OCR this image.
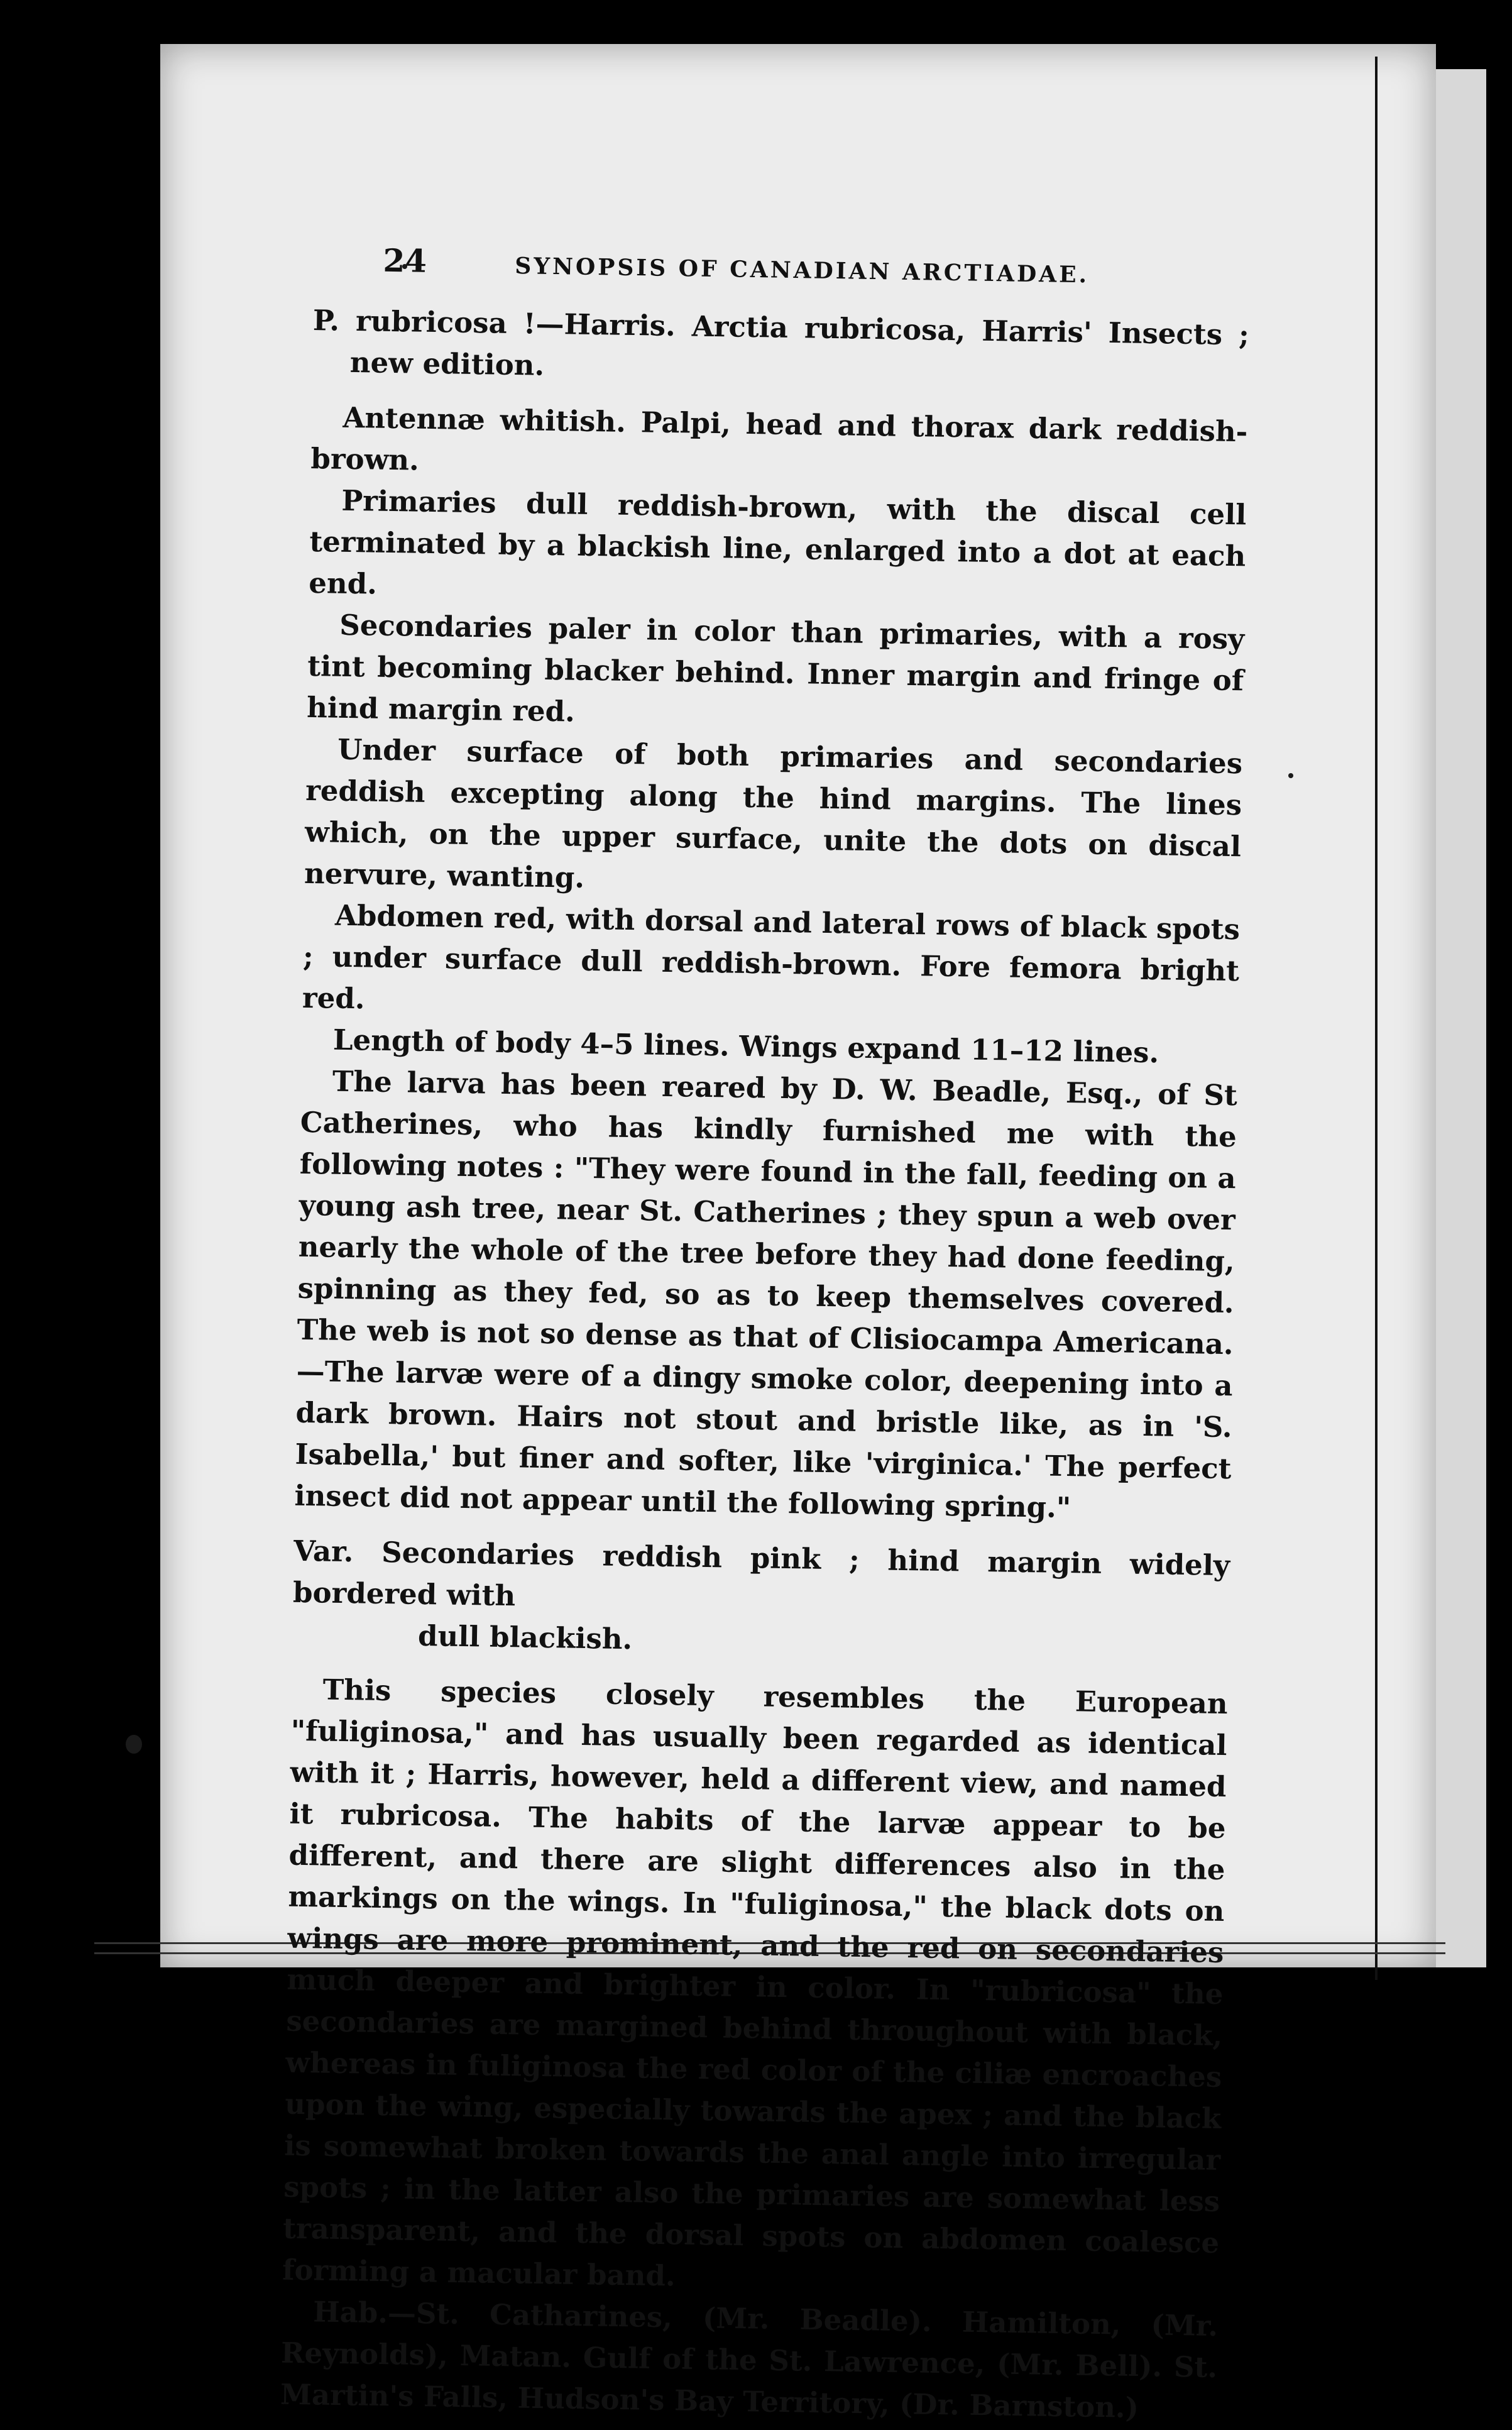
24	SYNOPSIS OF CANADIAN ARCTIADAE.

P. rubricosa !—Harris. Arctia rubricosa, Harris' Insects ; new edition.

Antennæ whitish. Palpi, head and thorax dark reddish-brown.

Primaries dull reddish-brown, with the discal cell terminated by a blackish line, enlarged into a dot at each end.

Secondaries paler in color than primaries, with a rosy tint becoming blacker behind. Inner margin and fringe of hind margin red.

Under surface of both primaries and secondaries reddish excepting along the hind margins. The lines which, on the upper surface, unite the dots on discal nervure, wanting.

Abdomen red, with dorsal and lateral rows of black spots ; under surface dull reddish-brown. Fore femora bright red.

Length of body 4–5 lines. Wings expand 11–12 lines.

The larva has been reared by D. W. Beadle, Esq., of St Catherines, who has kindly furnished me with the following notes : "They were found in the fall, feeding on a young ash tree, near St. Catherines ; they spun a web over nearly the whole of the tree before they had done feeding, spinning as they fed, so as to keep themselves covered. The web is not so dense as that of Clisiocampa Americana.—The larvæ were of a dingy smoke color, deepening into a dark brown. Hairs not stout and bristle like, as in 'S. Isabella,' but finer and softer, like 'virginica.' The perfect insect did not appear until the following spring."

Var. Secondaries reddish pink ; hind margin widely bordered with

dull blackish.

This species closely resembles the European "fuliginosa," and has usually been regarded as identical with it ; Harris, however, held a different view, and named it rubricosa. The habits of the larvæ appear to be different, and there are slight differences also in the markings on the wings. In "fuliginosa," the black dots on wings are more prominent, and the red on secondaries much deeper and brighter in color. In "rubricosa" the secondaries are margined behind throughout with black, whereas in fuliginosa the red color of the ciliæ encroaches upon the wing, especially towards the apex ; and the black is somewhat broken towards the anal angle into irregular spots ; in the latter also the primaries are somewhat less transparent, and the dorsal spots on abdomen coalesce forming a macular band.

Hab.—St. Catharines, (Mr. Beadle). Hamilton, (Mr. Reynolds), Matan. Gulf of the St. Lawrence, (Mr. Bell). St. Martin's Falls, Hudson's Bay Territory, (Dr. Barnston.)
